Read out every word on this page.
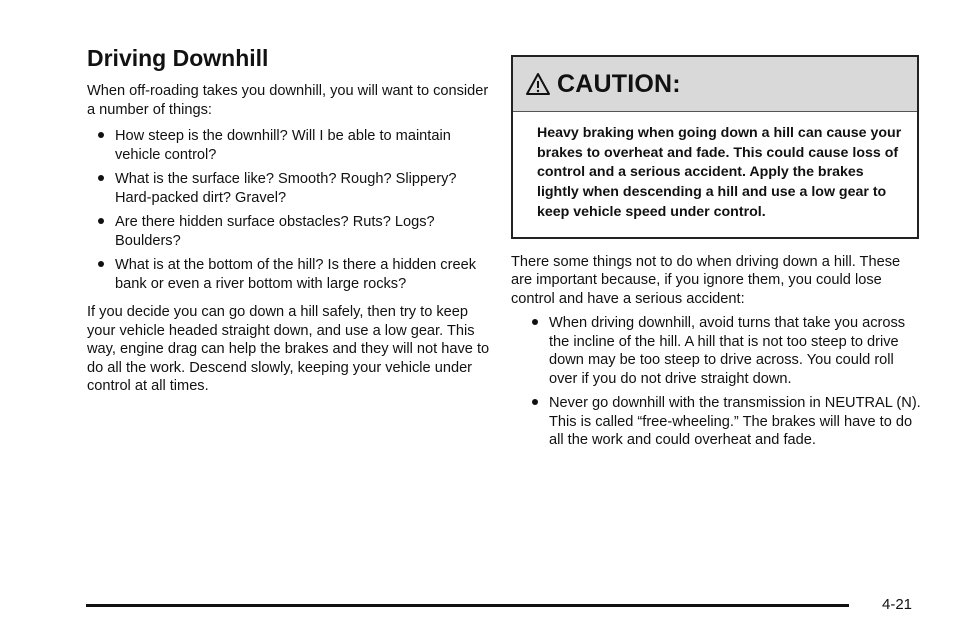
Driving Downhill

When off-roading takes you downhill, you will want to consider a number of things:

How steep is the downhill? Will I be able to maintain vehicle control?
What is the surface like? Smooth? Rough? Slippery? Hard-packed dirt? Gravel?
Are there hidden surface obstacles? Ruts? Logs? Boulders?
What is at the bottom of the hill? Is there a hidden creek bank or even a river bottom with large rocks?

If you decide you can go down a hill safely, then try to keep your vehicle headed straight down, and use a low gear. This way, engine drag can help the brakes and they will not have to do all the work. Descend slowly, keeping your vehicle under control at all times.

CAUTION:
Heavy braking when going down a hill can cause your brakes to overheat and fade. This could cause loss of control and a serious accident. Apply the brakes lightly when descending a hill and use a low gear to keep vehicle speed under control.

There some things not to do when driving down a hill. These are important because, if you ignore them, you could lose control and have a serious accident:

When driving downhill, avoid turns that take you across the incline of the hill. A hill that is not too steep to drive down may be too steep to drive across. You could roll over if you do not drive straight down.
Never go downhill with the transmission in NEUTRAL (N). This is called “free-wheeling.” The brakes will have to do all the work and could overheat and fade.
4-21
